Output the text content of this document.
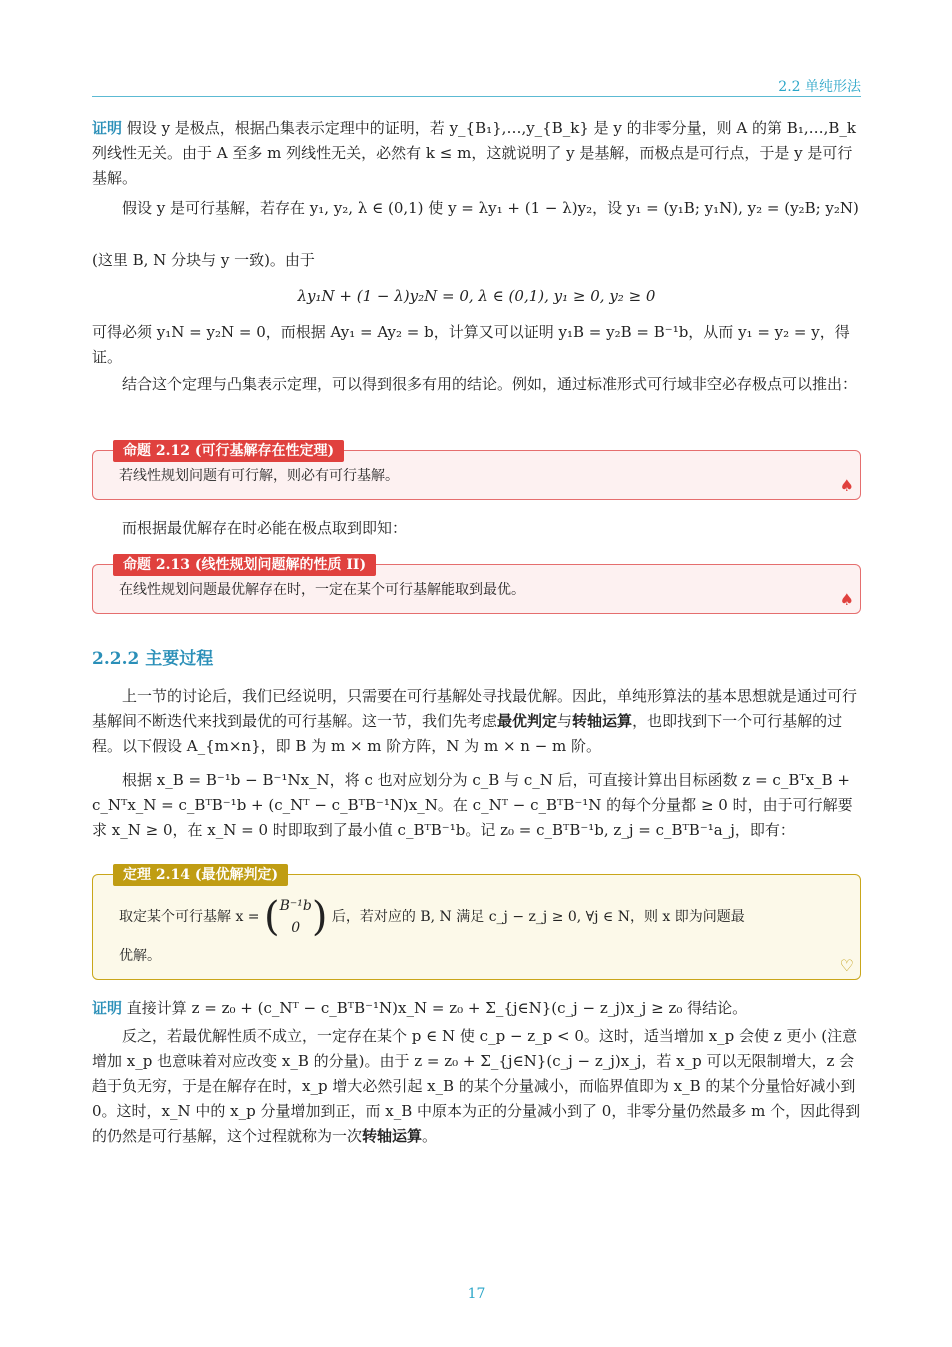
2.2 单纯形法
证明 假设 y 是极点，根据凸集表示定理中的证明，若 y_{B₁},…,y_{B_k} 是 y 的非零分量，则 A 的第 B₁,…,B_k 列线性无关。由于 A 至多 m 列线性无关，必然有 k ≤ m，这就说明了 y 是基解，而极点是可行点，于是 y 是可行基解。
假设 y 是可行基解，若存在 y₁, y₂, λ ∈ (0,1) 使 y = λy₁ + (1 − λ)y₂，设 y₁ = (y₁B; y₁N), y₂ = (y₂B; y₂N)
(这里 B, N 分块与 y 一致)。由于
λy₁N + (1 − λ)y₂N = 0, λ ∈ (0,1), y₁ ≥ 0, y₂ ≥ 0
可得必须 y₁N = y₂N = 0，而根据 Ay₁ = Ay₂ = b，计算又可以证明 y₁B = y₂B = B⁻¹b，从而 y₁ = y₂ = y，得证。
结合这个定理与凸集表示定理，可以得到很多有用的结论。例如，通过标准形式可行域非空必存极点可以推出：
命题 2.12 (可行基解存在性定理)
若线性规划问题有可行解，则必有可行基解。	♠
而根据最优解存在时必能在极点取到即知：
命题 2.13 (线性规划问题解的性质 II)
在线性规划问题最优解存在时，一定在某个可行基解能取到最优。	♠
2.2.2 主要过程
上一节的讨论后，我们已经说明，只需要在可行基解处寻找最优解。因此，单纯形算法的基本思想就是通过可行基解间不断迭代来找到最优的可行基解。这一节，我们先考虑最优判定与转轴运算，也即找到下一个可行基解的过程。以下假设 A_{m×n}，即 B 为 m × m 阶方阵，N 为 m × n − m 阶。
根据 x_B = B⁻¹b − B⁻¹Nx_N，将 c 也对应划分为 c_B 与 c_N 后，可直接计算出目标函数 z = c_Bᵀx_B + c_Nᵀx_N = c_BᵀB⁻¹b + (c_Nᵀ − c_BᵀB⁻¹N)x_N。在 c_Nᵀ − c_BᵀB⁻¹N 的每个分量都 ≥ 0 时，由于可行解要求 x_N ≥ 0，在 x_N = 0 时即取到了最小值 c_BᵀB⁻¹b。记 z₀ = c_BᵀB⁻¹b, z_j = c_BᵀB⁻¹a_j，即有：
定理 2.14 (最优解判定)
取定某个可行基解 x = ( B⁻¹b
0 ) 后，若对应的 B, N 满足 c_j − z_j ≥ 0, ∀j ∈ N，则 x 即为问题最
优解。	♡
证明 直接计算 z = z₀ + (c_Nᵀ − c_BᵀB⁻¹N)x_N = z₀ + Σ_{j∈N}(c_j − z_j)x_j ≥ z₀ 得结论。
反之，若最优解性质不成立，一定存在某个 p ∈ N 使 c_p − z_p < 0。这时，适当增加 x_p 会使 z 更小 (注意增加 x_p 也意味着对应改变 x_B 的分量)。由于 z = z₀ + Σ_{j∈N}(c_j − z_j)x_j，若 x_p 可以无限制增大，z 会趋于负无穷，于是在解存在时，x_p 增大必然引起 x_B 的某个分量减小，而临界值即为 x_B 的某个分量恰好减小到 0。这时，x_N 中的 x_p 分量增加到正，而 x_B 中原本为正的分量减小到了 0，非零分量仍然最多 m 个，因此得到的仍然是可行基解，这个过程就称为一次转轴运算。
17
